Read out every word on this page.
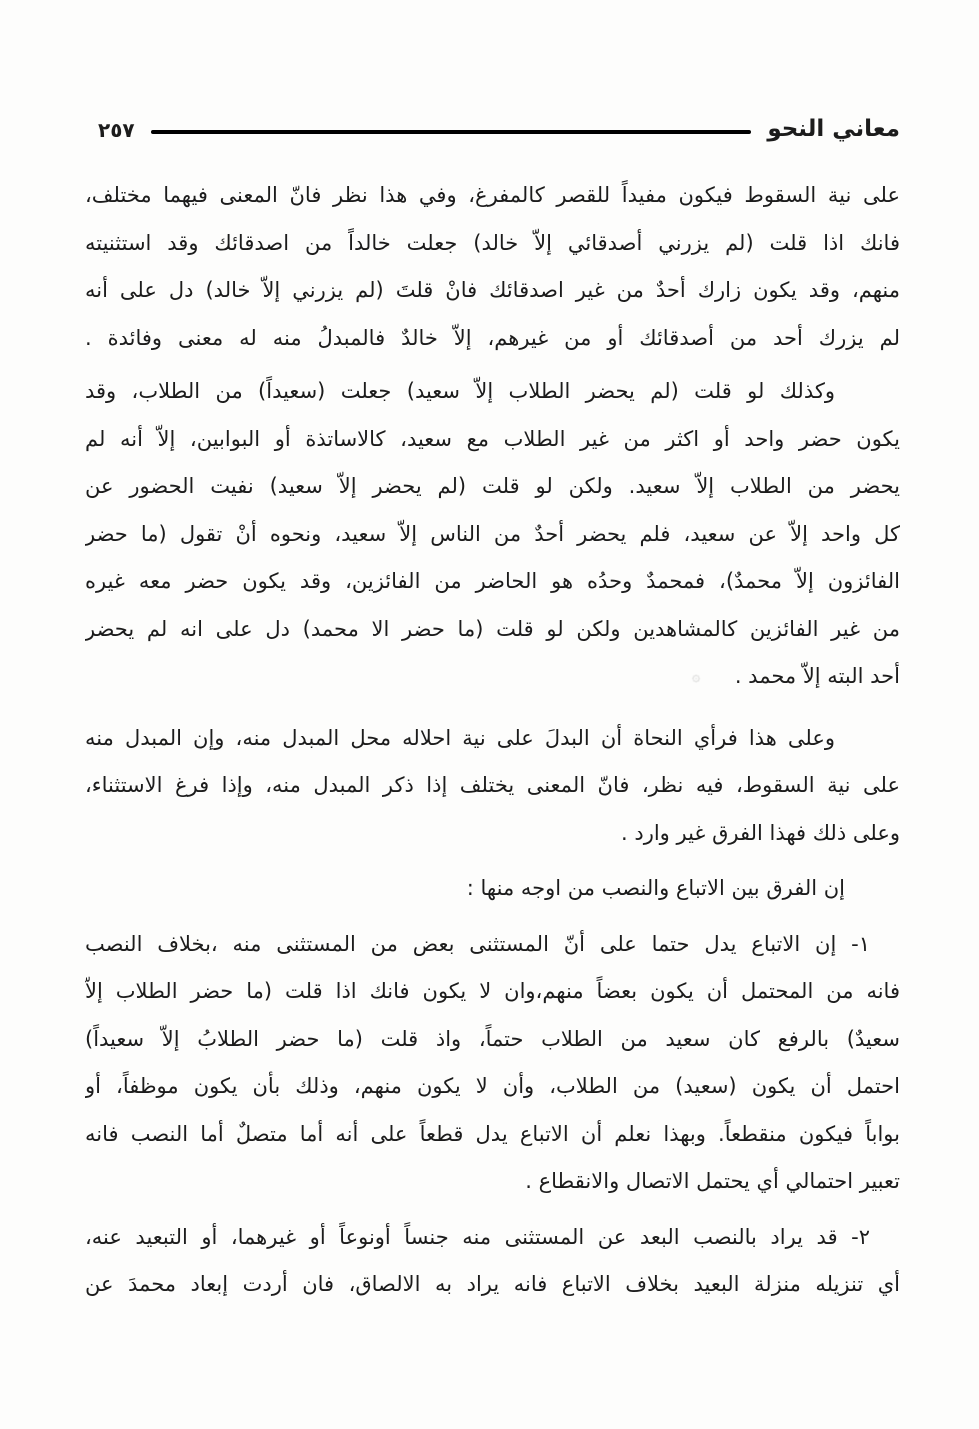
معاني النحو
٢٥٧
على نية السقوط فيكون مفيداً للقصر كالمفرغ، وفي هذا نظر فانّ المعنى فيهما مختلف،
فانك اذا قلت (لم يزرني أصدقائي إلاّ خالد) جعلت خالداً من اصدقائك وقد استثنيته
منهم، وقد يكون زارك أحدٌ من غير اصدقائك فانْ قلتَ (لم يزرني إلاّ خالد) دل على أنه
لم يزرك أحد من أصدقائك أو من غيرهم، إلاّ خالدٌ فالمبدلُ منه له معنى وفائدة .
وكذلك لو قلت (لم يحضر الطلاب إلاّ سعيد) جعلت (سعيداً) من الطلاب، وقد
يكون حضر واحد أو اكثر من غير الطلاب مع سعيد، كالاساتذة أو البوابين، إلاّ أنه لم
يحضر من الطلاب إلاّ سعيد. ولكن لو قلت (لم يحضر إلاّ سعيد) نفيت الحضور عن
كل واحد إلاّ عن سعيد، فلم يحضر أحدٌ من الناس إلاّ سعيد، ونحوه أنْ تقول (ما حضر
الفائزون إلاّ محمدٌ)، فمحمدٌ وحدُه هو الحاضر من الفائزين، وقد يكون حضر معه غيره
من غير الفائزين كالمشاهدين ولكن لو قلت (ما حضر الا محمد) دل على انه لم يحضر
أحد البته إلاّ محمد . ۞
وعلى هذا فرأي النحاة أن البدلَ على نية احلاله محل المبدل منه، وإن المبدل منه
على نية السقوط، فيه نظر، فانّ المعنى يختلف إذا ذكر المبدل منه، وإذا فرغ الاستثناء،
وعلى ذلك فهذا الفرق غير وارد .
إن الفرق بين الاتباع والنصب من اوجه منها :
١- إن الاتباع يدل حتما على أنّ المستثنى بعض من المستثنى منه ،بخلاف النصب
فانه من المحتمل أن يكون بعضاً منهم،وان لا يكون فانك اذا قلت (ما حضر الطلاب إلاّ
سعيدٌ) بالرفع كان سعيد من الطلاب حتماً، واذ قلت (ما حضر الطلابُ إلاّ سعيداً)
احتمل أن يكون (سعيد) من الطلاب، وأن لا يكون منهم، وذلك بأن يكون موظفاً، أو
بواباً فيكون منقطعاً. وبهذا نعلم أن الاتباع يدل قطعاً على أنه أما متصلٌ أما النصب فانه
تعبير احتمالي أي يحتمل الاتصال والانقطاع .
٢- قد يراد بالنصب البعد عن المستثنى منه جنساً أونوعاً أو غيرهما، أو التبعيد عنه،
أي تنزيله منزلة البعيد بخلاف الاتباع فانه يراد به الالصاق، فان أردت إبعاد محمدَ عن
